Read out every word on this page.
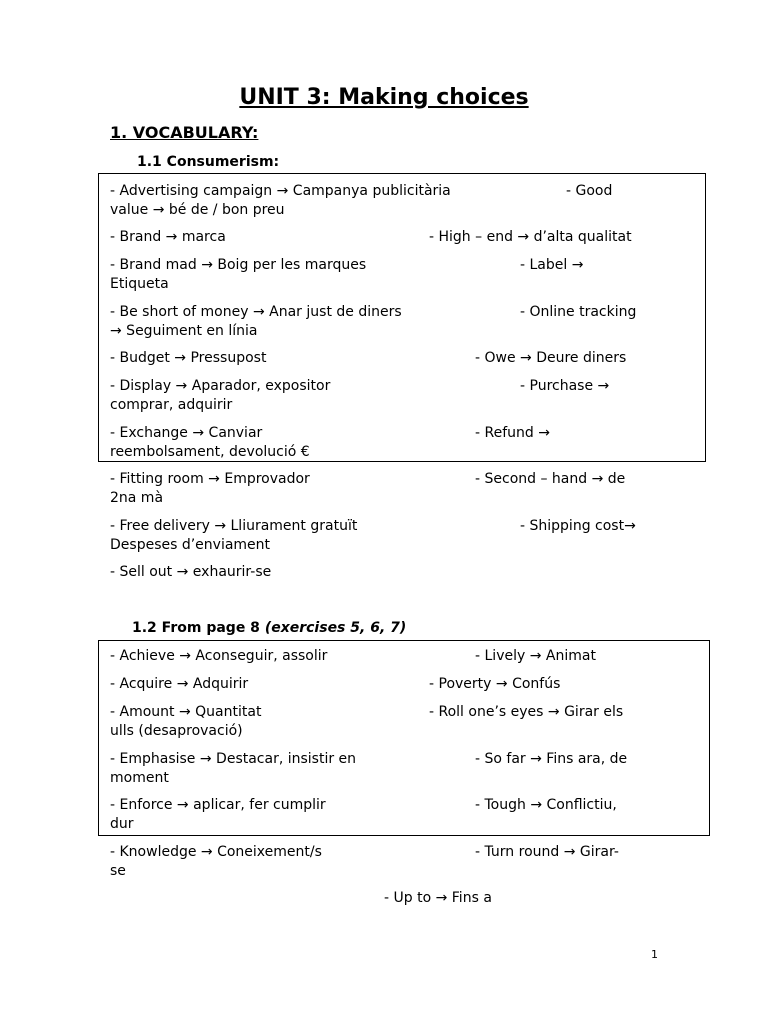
UNIT 3: Making choices
1. VOCABULARY:
1.1 Consumerism:
- Advertising campaign → Campanya publicitària	- Good
value → bé de / bon preu
- Brand → marca	- High – end → d’alta qualitat
- Brand mad → Boig per les marques	- Label →
Etiqueta
- Be short of money → Anar just de diners	- Online tracking
→ Seguiment en línia
- Budget → Pressupost	- Owe → Deure diners
- Display → Aparador, expositor	- Purchase →
comprar, adquirir
- Exchange → Canviar	- Refund →
reembolsament, devolució €
- Fitting room → Emprovador	- Second – hand → de
2na mà
- Free delivery → Lliurament gratuït	- Shipping cost→
Despeses d’enviament
- Sell out → exhaurir-se
1.2 From page 8 (exercises 5, 6, 7)
- Achieve → Aconseguir, assolir	- Lively → Animat
- Acquire → Adquirir	- Poverty → Confús
- Amount → Quantitat	- Roll one’s eyes → Girar els
ulls (desaprovació)
- Emphasise → Destacar, insistir en	- So far → Fins ara, de
moment
- Enforce → aplicar, fer cumplir	- Tough → Conflictiu,
dur
- Knowledge → Coneixement/s	- Turn round → Girar-
se
- Up to → Fins a
1
